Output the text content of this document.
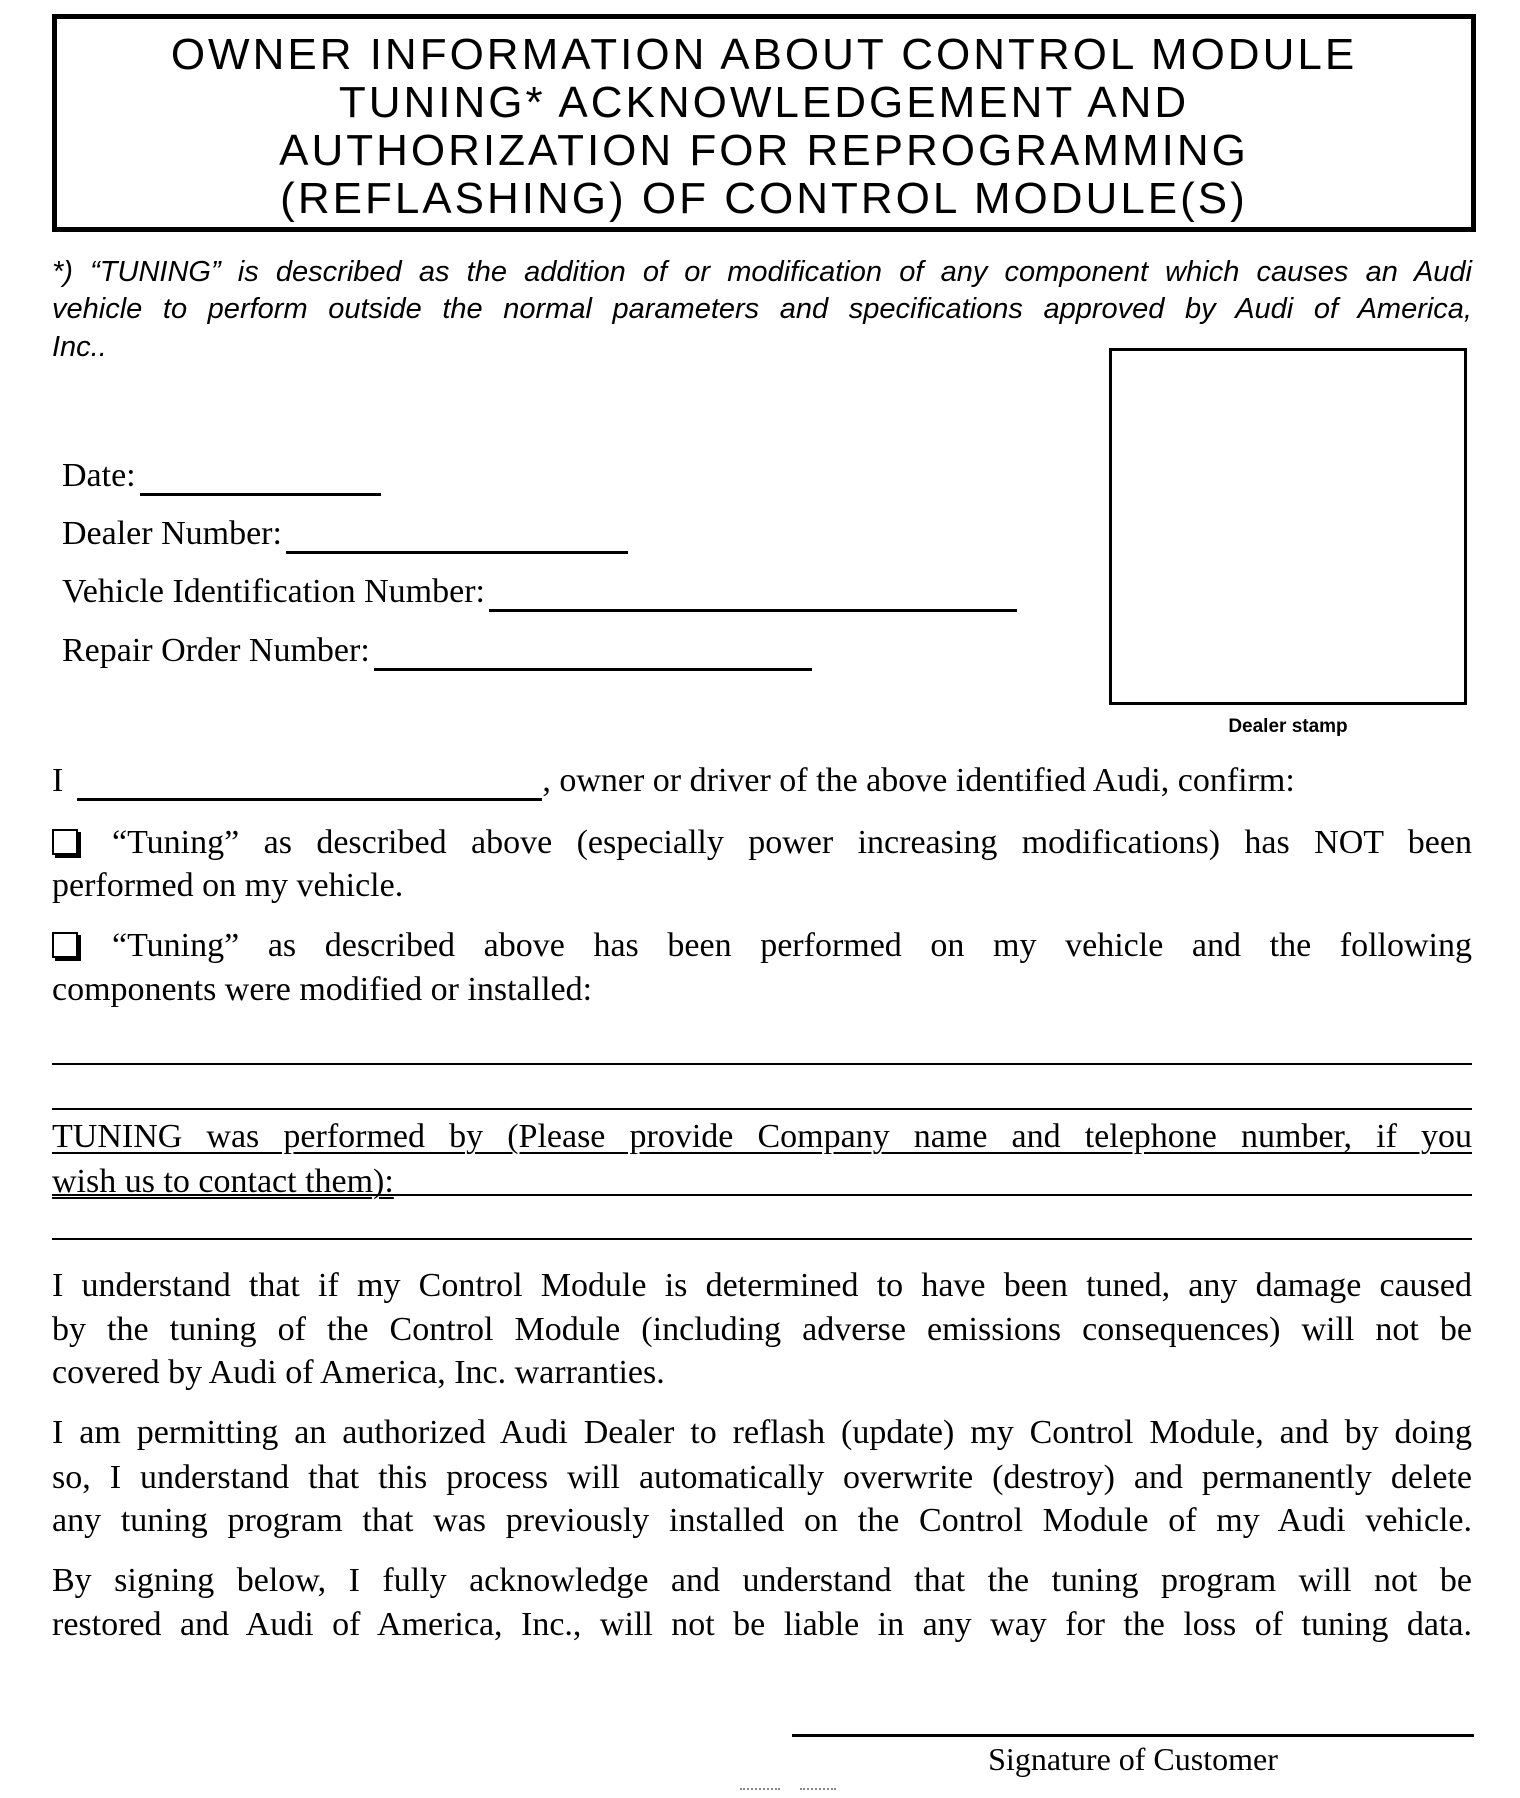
OWNER INFORMATION ABOUT CONTROL MODULE
TUNING* ACKNOWLEDGEMENT AND
AUTHORIZATION FOR REPROGRAMMING
(REFLASHING) OF CONTROL MODULE(S)
*) “TUNING” is described as the addition of or modification of any component which causes an Audi
vehicle to perform outside the normal parameters and specifications approved by Audi of America,
Inc..
Dealer stamp
Date:
Dealer Number:
Vehicle Identification Number:
Repair Order Number:
I	, owner or driver of the above identified Audi, confirm:
“Tuning” as described above (especially power increasing modifications) has NOT been
performed on my vehicle.
“Tuning” as described above has been performed on my vehicle and the following
components were modified or installed:
TUNING was performed by (Please provide Company name and telephone number, if you
wish us to contact them):
I understand that if my Control Module is determined to have been tuned, any damage caused
by the tuning of the Control Module (including adverse emissions consequences) will not be
covered by Audi of America, Inc. warranties.
I am permitting an authorized Audi Dealer to reflash (update) my Control Module, and by doing
so, I understand that this process will automatically overwrite (destroy) and permanently delete
any tuning program that was previously installed on the Control Module of my Audi vehicle.
By signing below, I fully acknowledge and understand that the tuning program will not be
restored and Audi of America, Inc., will not be liable in any way for the loss of tuning data.
Signature of Customer
